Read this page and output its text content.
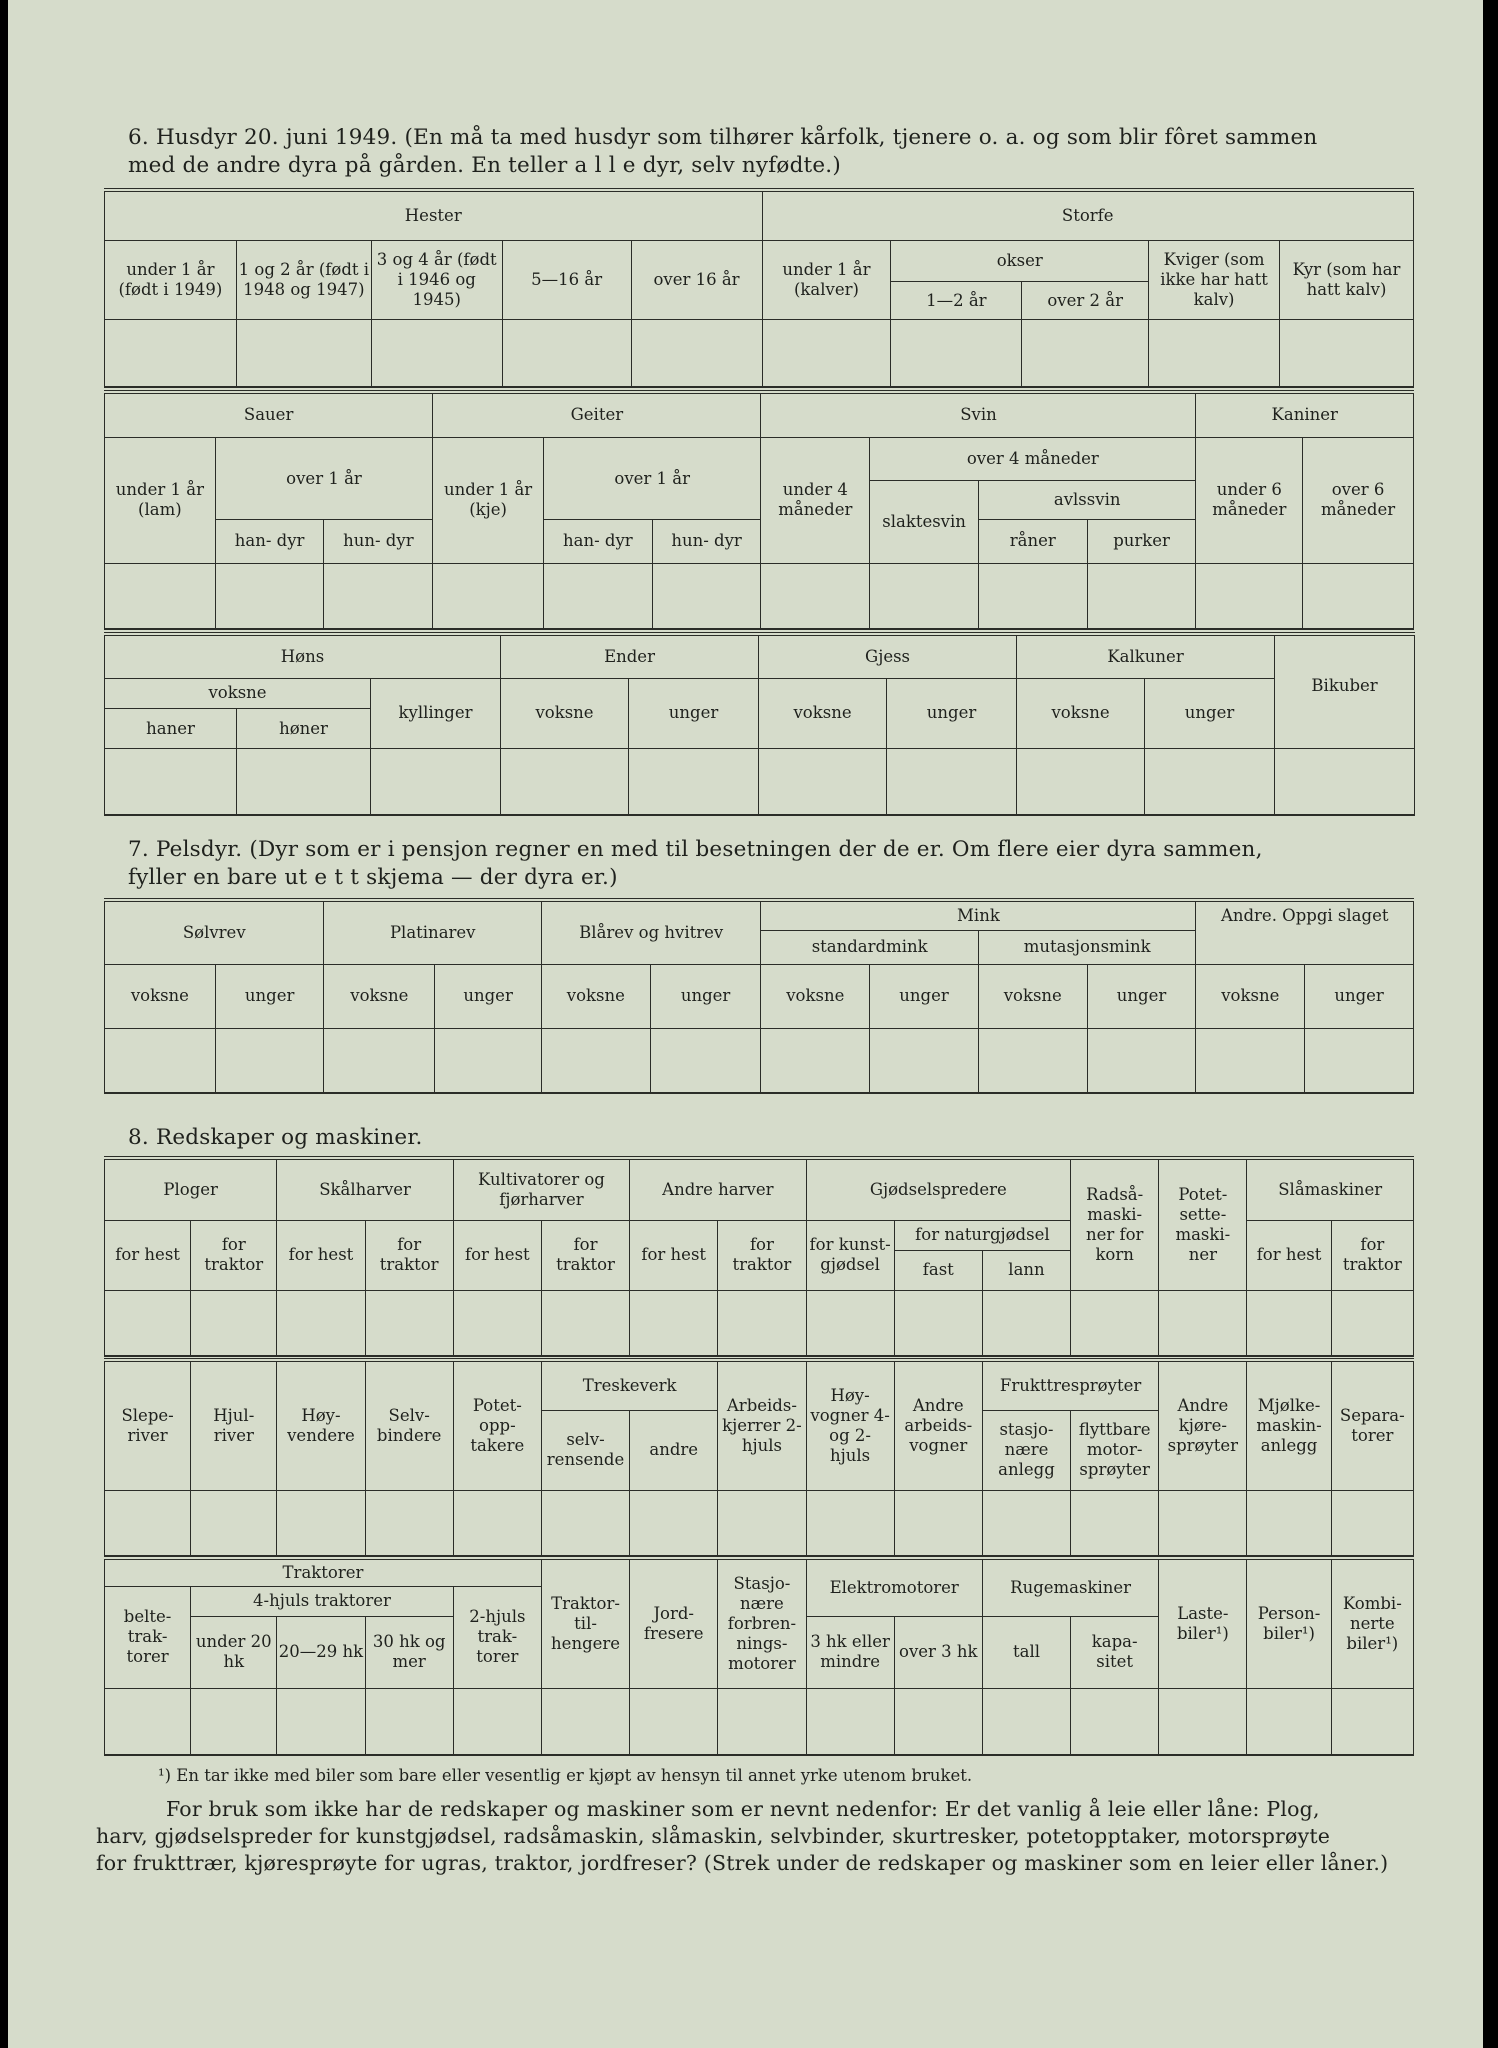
6. Husdyr 20. juni 1949. (En må ta med husdyr som tilhører kårfolk, tjenere o. a. og som blir fôret sammen

med de andre dyra på gården. En teller a l l e dyr, selv nyfødte.)

Hester					Storfe				
under 1 år (født i 1949)	1 og 2 år (født i 1948 og 1947)	3 og 4 år (født i 1946 og 1945)	5—16 år	over 16 år	under 1 år (kalver)	okser		Kviger (som ikke har hatt kalv)	Kyr (som har hatt kalv)
						1—2 år	over 2 år		

Sauer			Geiter			Svin				Kaniner	
under 1 år (lam)	over 1 år		under 1 år (kje)	over 1 år		under 4 måneder	over 4 måneder			under 6 måneder	over 6 måneder
							slaktesvin	avlssvin			
	han- dyr	hun- dyr		han- dyr	hun- dyr			råner	purker		

Høns			Ender		Gjess		Kalkuner		Bikuber
voksne		kyllinger	voksne	unger	voksne	unger	voksne	unger	
haner	høner								

7. Pelsdyr. (Dyr som er i pensjon regner en med til besetningen der de er. Om flere eier dyra sammen,

fyller en bare ut e t t skjema — der dyra er.)

Sølvrev		Platinarev		Blårev og hvitrev		Mink				Andre. Oppgi slaget	
						standardmink		mutasjonsmink			
voksne	unger	voksne	unger	voksne	unger	voksne	unger	voksne	unger	voksne	unger

8. Redskaper og maskiner.

Ploger		Skålharver		Kultivatorer og fjørharver		Andre harver		Gjødselspredere			Radså- maski- ner for korn	Potet- sette- maski- ner	Slåmaskiner	
for hest	for traktor	for hest	for traktor	for hest	for traktor	for hest	for traktor	for kunst- gjødsel	for naturgjødsel				for hest	for traktor
									fast	lann				

Slepe- river	Hjul- river	Høy- vendere	Selv- bindere	Potet- opp- takere	Treskeverk		Arbeids- kjerrer 2-hjuls	Høy- vogner 4- og 2- hjuls	Andre arbeids- vogner	Frukttresprøyter		Andre kjøre- sprøyter	Mjølke- maskin- anlegg	Separa- torer
					selv- rensende	andre				stasjo- nære anlegg	flyttbare motor- sprøyter			

Traktorer					Traktor- til- hengere	Jord- fresere	Stasjo- nære forbren- nings- motorer	Elektromotorer		Rugemaskiner		Laste- biler¹)	Person- biler¹)	Kombi- nerte biler¹)
belte- trak- torer	4-hjuls traktorer			2-hjuls trak- torer										
	under 20 hk	20—29 hk	30 hk og mer					3 hk eller mindre	over 3 hk	tall	kapa- sitet			

¹) En tar ikke med biler som bare eller vesentlig er kjøpt av hensyn til annet yrke utenom bruket.

For bruk som ikke har de redskaper og maskiner som er nevnt nedenfor: Er det vanlig å leie eller låne: Plog,

harv, gjødselspreder for kunstgjødsel, radsåmaskin, slåmaskin, selvbinder, skurtresker, potetopptaker, motorsprøyte

for frukttrær, kjøresprøyte for ugras, traktor, jordfreser? (Strek under de redskaper og maskiner som en leier eller låner.)
